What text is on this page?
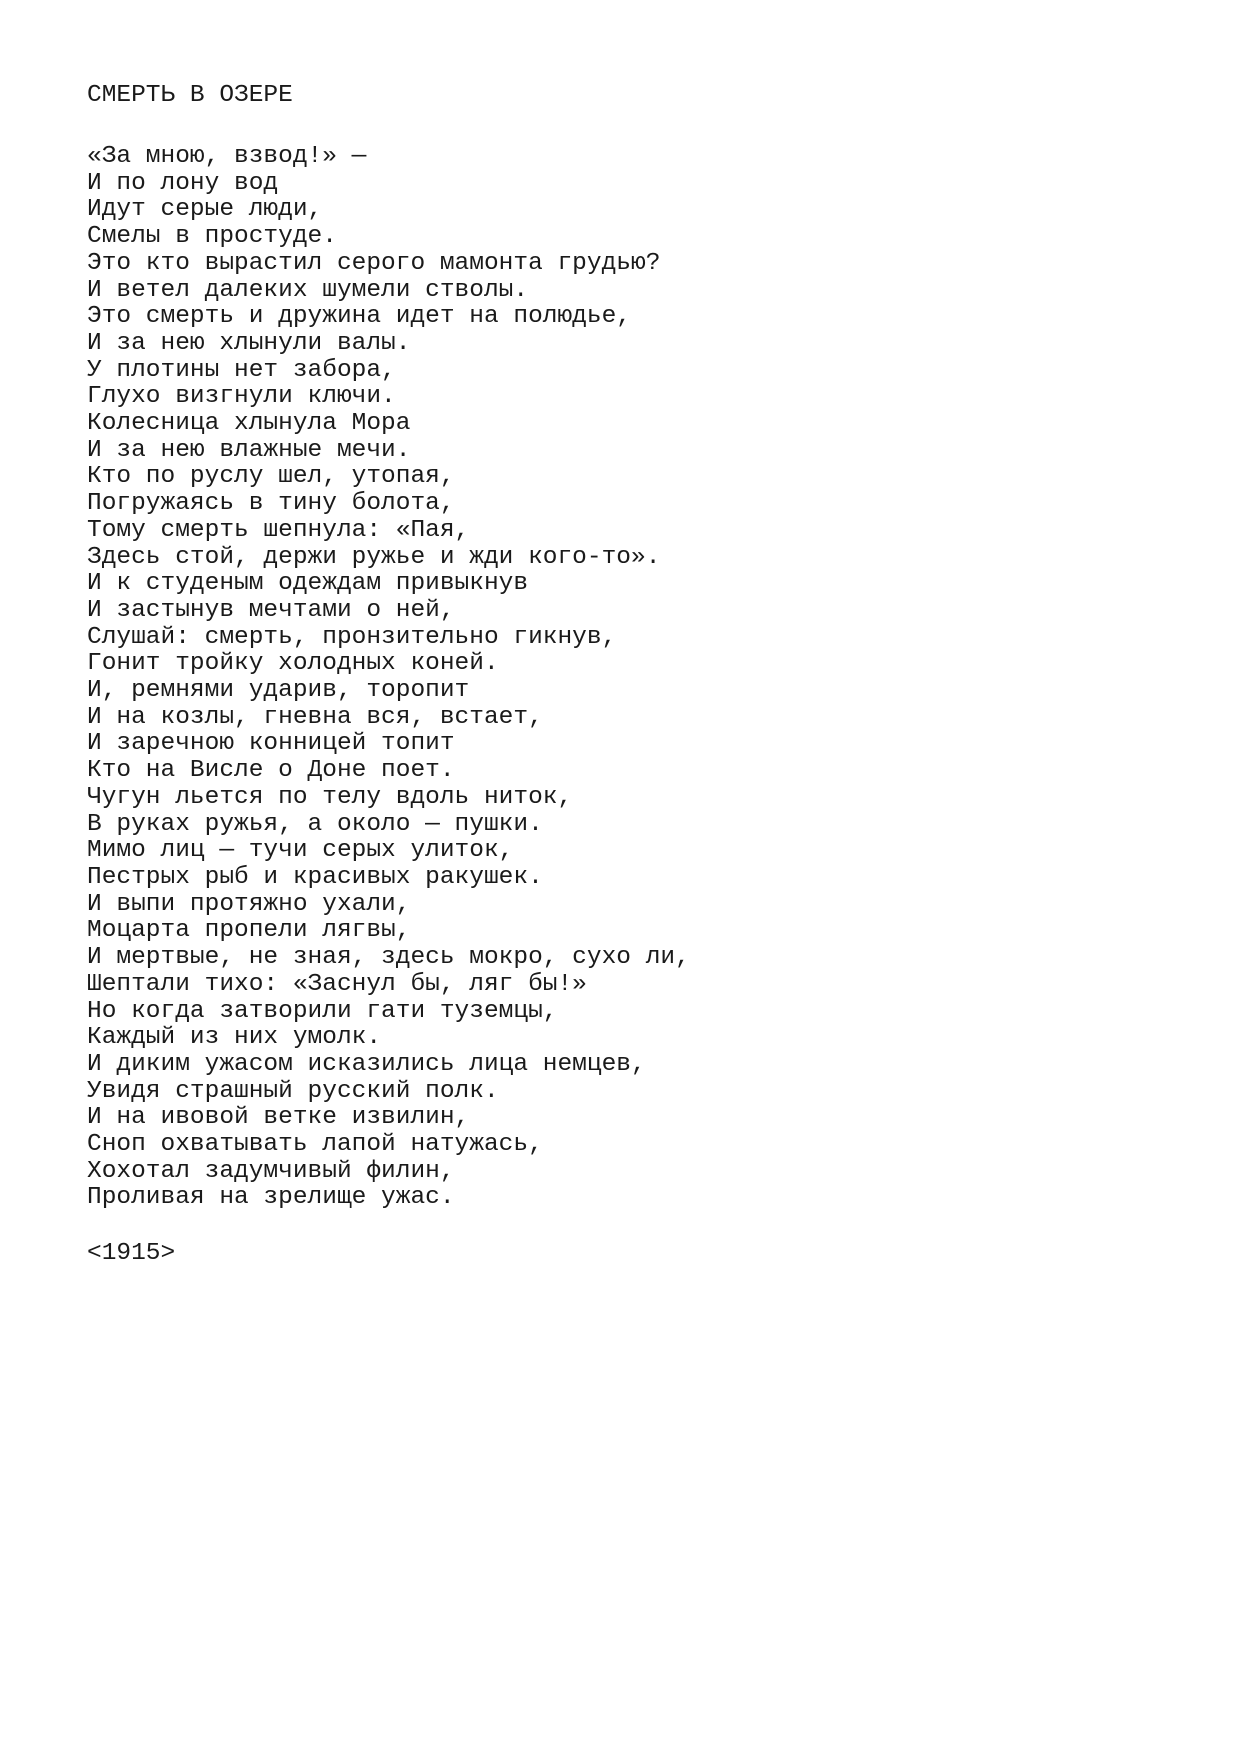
СМЕРТЬ В ОЗЕРЕ
«За мною, взвод!» —
И по лону вод
Идут серые люди,
Смелы в простуде.
Это кто вырастил серого мамонта грудью?
И ветел далеких шумели стволы.
Это смерть и дружина идет на полюдье,
И за нею хлынули валы.
У плотины нет забора,
Глухо визгнули ключи.
Колесница хлынула Мора
И за нею влажные мечи.
Кто по руслу шел, утопая,
Погружаясь в тину болота,
Тому смерть шепнула: «Пая,
Здесь стой, держи ружье и жди кого-то».
И к студеным одеждам привыкнув
И застынув мечтами о ней,
Слушай: смерть, пронзительно гикнув,
Гонит тройку холодных коней.
И, ремнями ударив, торопит
И на козлы, гневна вся, встает,
И заречною конницей топит
Кто на Висле о Доне поет.
Чугун льется по телу вдоль ниток,
В руках ружья, а около — пушки.
Мимо лиц — тучи серых улиток,
Пестрых рыб и красивых ракушек.
И выпи протяжно ухали,
Моцарта пропели лягвы,
И мертвые, не зная, здесь мокро, сухо ли,
Шептали тихо: «Заснул бы, ляг бы!»
Но когда затворили гати туземцы,
Каждый из них умолк.
И диким ужасом исказились лица немцев,
Увидя страшный русский полк.
И на ивовой ветке извилин,
Сноп охватывать лапой натужась,
Хохотал задумчивый филин,
Проливая на зрелище ужас.
<1915>
